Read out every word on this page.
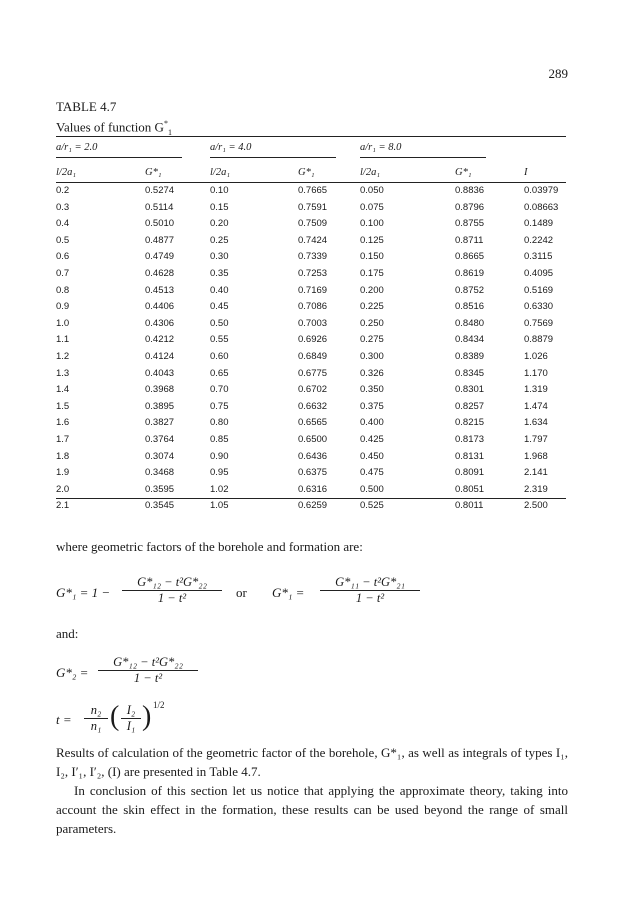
289
TABLE 4.7
Values of function $G^*_1$
a/r₁ = 2.0	a/r₁ = 4.0	a/r₁ = 8.0
l/2a₁	G*₁	l/2a₁	G*₁	l/2a₁	G*₁	I
0.2	0.5274	0.10	0.7665	0.050	0.8836	0.03979
0.3	0.5114	0.15	0.7591	0.075	0.8796	0.08663
0.4	0.5010	0.20	0.7509	0.100	0.8755	0.1489
0.5	0.4877	0.25	0.7424	0.125	0.8711	0.2242
0.6	0.4749	0.30	0.7339	0.150	0.8665	0.3115
0.7	0.4628	0.35	0.7253	0.175	0.8619	0.4095
0.8	0.4513	0.40	0.7169	0.200	0.8752	0.5169
0.9	0.4406	0.45	0.7086	0.225	0.8516	0.6330
1.0	0.4306	0.50	0.7003	0.250	0.8480	0.7569
1.1	0.4212	0.55	0.6926	0.275	0.8434	0.8879
1.2	0.4124	0.60	0.6849	0.300	0.8389	1.026
1.3	0.4043	0.65	0.6775	0.326	0.8345	1.170
1.4	0.3968	0.70	0.6702	0.350	0.8301	1.319
1.5	0.3895	0.75	0.6632	0.375	0.8257	1.474
1.6	0.3827	0.80	0.6565	0.400	0.8215	1.634
1.7	0.3764	0.85	0.6500	0.425	0.8173	1.797
1.8	0.3074	0.90	0.6436	0.450	0.8131	1.968
1.9	0.3468	0.95	0.6375	0.475	0.8091	2.141
2.0	0.3595	1.02	0.6316	0.500	0.8051	2.319
2.1	0.3545	1.05	0.6259	0.525	0.8011	2.500
where geometric factors of the borehole and formation are:
$G*_1 = 1 - \frac{\text{G*₁₂ − t²G*₂₂}}{\text{1 − t²}}$ or $G*_1 = \frac{\text{G*₁₁ − t²G*₂₁}}{\text{1 − t²}}$
and:
$G*_2 = \frac{\text{G*₁₂ − t²G*₂₂}}{\text{1 − t²}}$
$t = \frac{\text{n₂}}{\text{n₁}}$ ( $\frac{\text{I₂}}{\text{I₁}}$ ) 1/2
Results of calculation of the geometric factor of the borehole, G*₁, as well as integrals of types I₁, I₂, I′₁, I′₂, (I) are presented in Table 4.7.
In conclusion of this section let us notice that applying the approximate theory, taking into account the skin effect in the formation, these results can be used beyond the range of small parameters.
